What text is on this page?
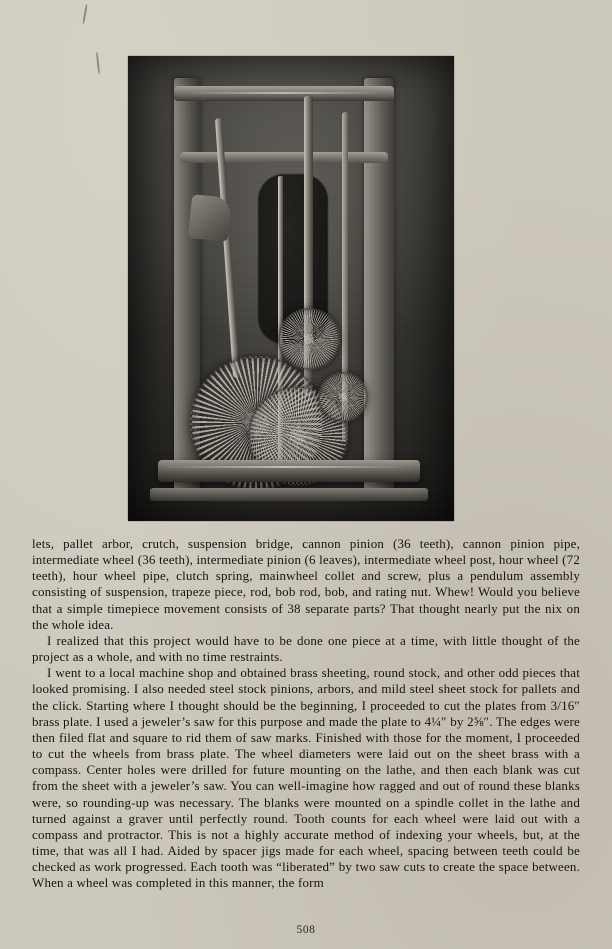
lets, pallet arbor, crutch, suspension bridge, cannon pinion (36 teeth), cannon pinion pipe, intermediate wheel (36 teeth), intermediate pinion (6 leaves), intermediate wheel post, hour wheel (72 teeth), hour wheel pipe, clutch spring, mainwheel collet and screw, plus a pendulum assembly consisting of suspension, trapeze piece, rod, bob rod, bob, and rating nut. Whew! Would you believe that a simple timepiece movement consists of 38 separate parts? That thought nearly put the nix on the whole idea.

I realized that this project would have to be done one piece at a time, with little thought of the project as a whole, and with no time restraints.

I went to a local machine shop and obtained brass sheeting, round stock, and other odd pieces that looked promising. I also needed steel stock pinions, arbors, and mild steel sheet stock for pallets and the click. Starting where I thought should be the beginning, I proceeded to cut the plates from 3/16″ brass plate. I used a jeweler’s saw for this purpose and made the plate to 4¼″ by 2⅝″. The edges were then filed flat and square to rid them of saw marks. Finished with those for the moment, I proceeded to cut the wheels from brass plate. The wheel diameters were laid out on the sheet brass with a compass. Center holes were drilled for future mounting on the lathe, and then each blank was cut from the sheet with a jeweler’s saw. You can well-imagine how ragged and out of round these blanks were, so rounding-up was necessary. The blanks were mounted on a spindle collet in the lathe and turned against a graver until perfectly round. Tooth counts for each wheel were laid out with a compass and protractor. This is not a highly accurate method of indexing your wheels, but, at the time, that was all I had. Aided by spacer jigs made for each wheel, spacing between teeth could be checked as work progressed. Each tooth was “liberated” by two saw cuts to create the space between. When a wheel was completed in this manner, the form

508
